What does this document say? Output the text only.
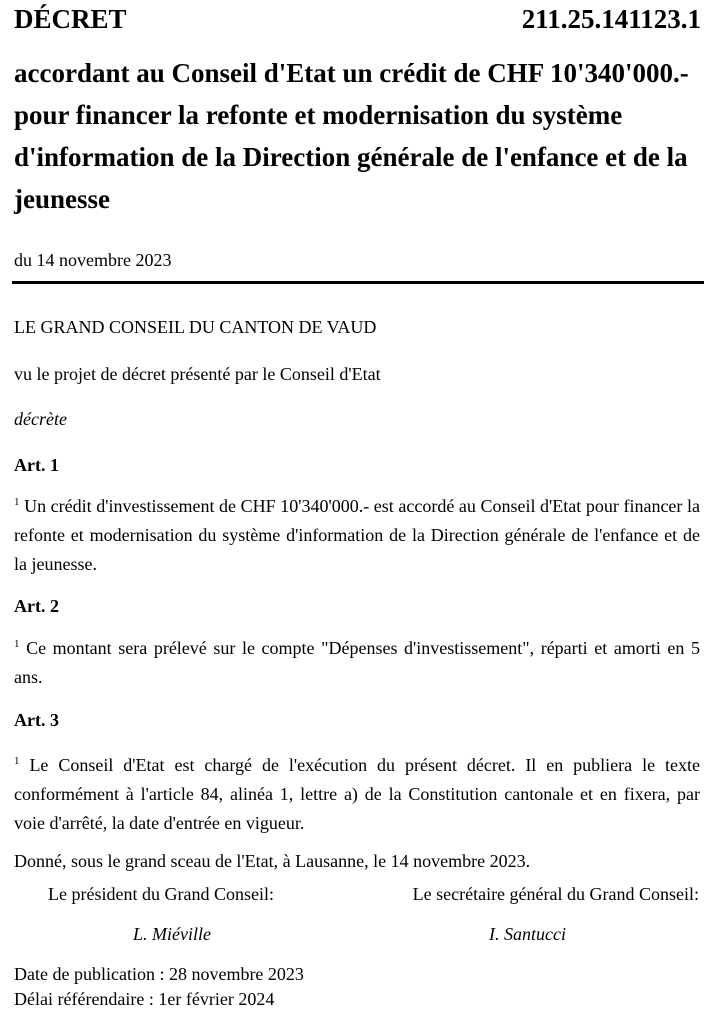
DÉCRET	211.25.141123.1
accordant au Conseil d'Etat un crédit de CHF 10'340'000.- pour financer la refonte et modernisation du système d'information de la Direction générale de l'enfance et de la jeunesse
du 14 novembre 2023
LE GRAND CONSEIL DU CANTON DE VAUD
vu le projet de décret présenté par le Conseil d'Etat
décrète
Art. 1
$^1$ Un crédit d'investissement de CHF 10'340'000.- est accordé au Conseil d'Etat pour financer la refonte et modernisation du système d'information de la Direction générale de l'enfance et de la jeunesse.
Art. 2
$^1$ Ce montant sera prélevé sur le compte "Dépenses d'investissement", réparti et amorti en 5 ans.
Art. 3
$^1$ Le Conseil d'Etat est chargé de l'exécution du présent décret. Il en publiera le texte conformément à l'article 84, alinéa 1, lettre a) de la Constitution cantonale et en fixera, par voie d'arrêté, la date d'entrée en vigueur.
Donné, sous le grand sceau de l'Etat, à Lausanne, le 14 novembre 2023.
Le président du Grand Conseil:	Le secrétaire général du Grand Conseil:
L. Miéville	I. Santucci
Date de publication : 28 novembre 2023
Délai référendaire : 1er février 2024
